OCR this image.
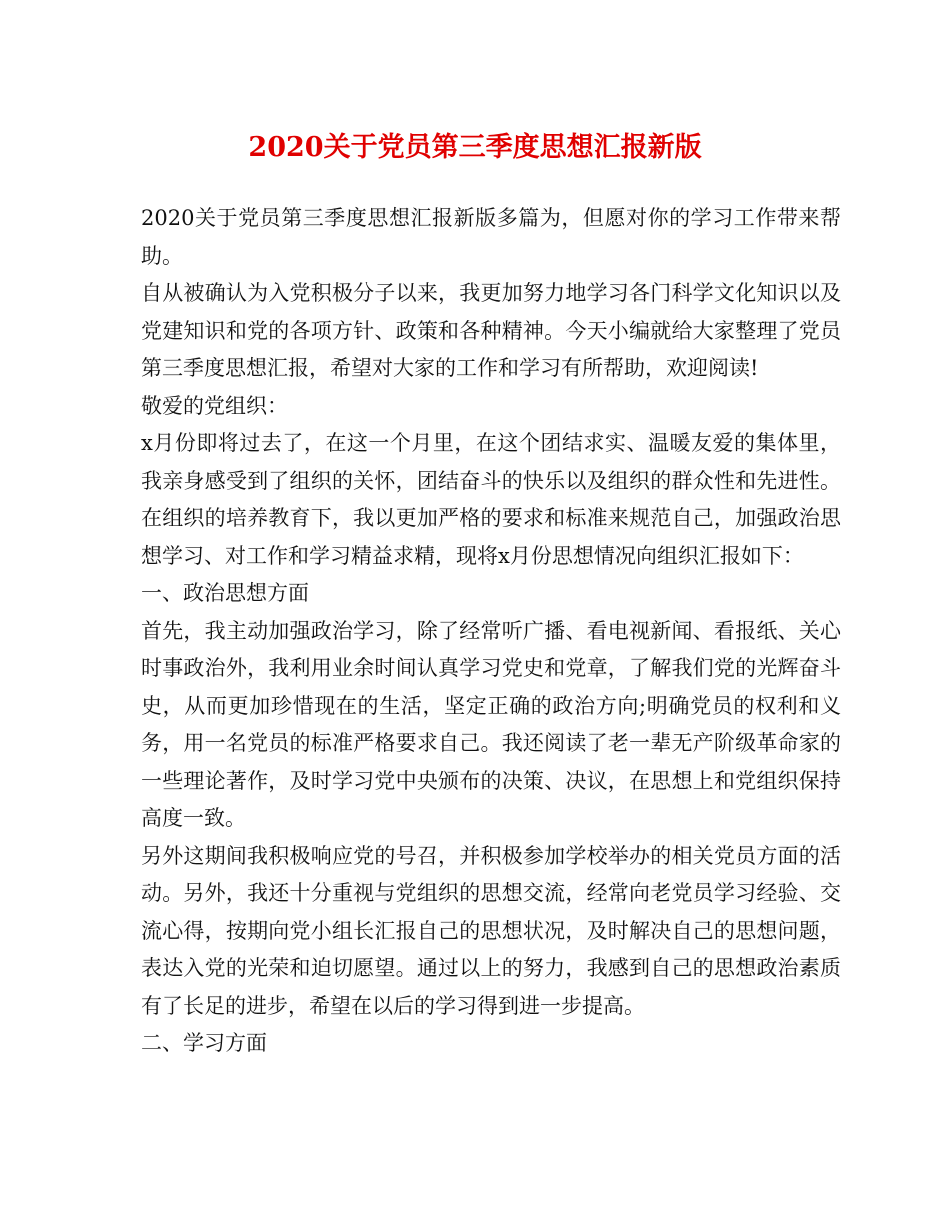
2020关于党员第三季度思想汇报新版

2020关于党员第三季度思想汇报新版多篇为，但愿对你的学习工作带来帮助。

自从被确认为入党积极分子以来，我更加努力地学习各门科学文化知识以及党建知识和党的各项方针、政策和各种精神。今天小编就给大家整理了党员第三季度思想汇报，希望对大家的工作和学习有所帮助，欢迎阅读!

敬爱的党组织：

x月份即将过去了，在这一个月里，在这个团结求实、温暖友爱的集体里，我亲身感受到了组织的关怀，团结奋斗的快乐以及组织的群众性和先进性。在组织的培养教育下，我以更加严格的要求和标准来规范自己，加强政治思想学习、对工作和学习精益求精，现将x月份思想情况向组织汇报如下：

一、政治思想方面

首先，我主动加强政治学习，除了经常听广播、看电视新闻、看报纸、关心时事政治外，我利用业余时间认真学习党史和党章，了解我们党的光辉奋斗史，从而更加珍惜现在的生活，坚定正确的政治方向;明确党员的权利和义务，用一名党员的标准严格要求自己。我还阅读了老一辈无产阶级革命家的一些理论著作，及时学习党中央颁布的决策、决议，在思想上和党组织保持高度一致。

另外这期间我积极响应党的号召，并积极参加学校举办的相关党员方面的活动。另外，我还十分重视与党组织的思想交流，经常向老党员学习经验、交流心得，按期向党小组长汇报自己的思想状况，及时解决自己的思想问题，表达入党的光荣和迫切愿望。通过以上的努力，我感到自己的思想政治素质有了长足的进步，希望在以后的学习得到进一步提高。

二、学习方面
